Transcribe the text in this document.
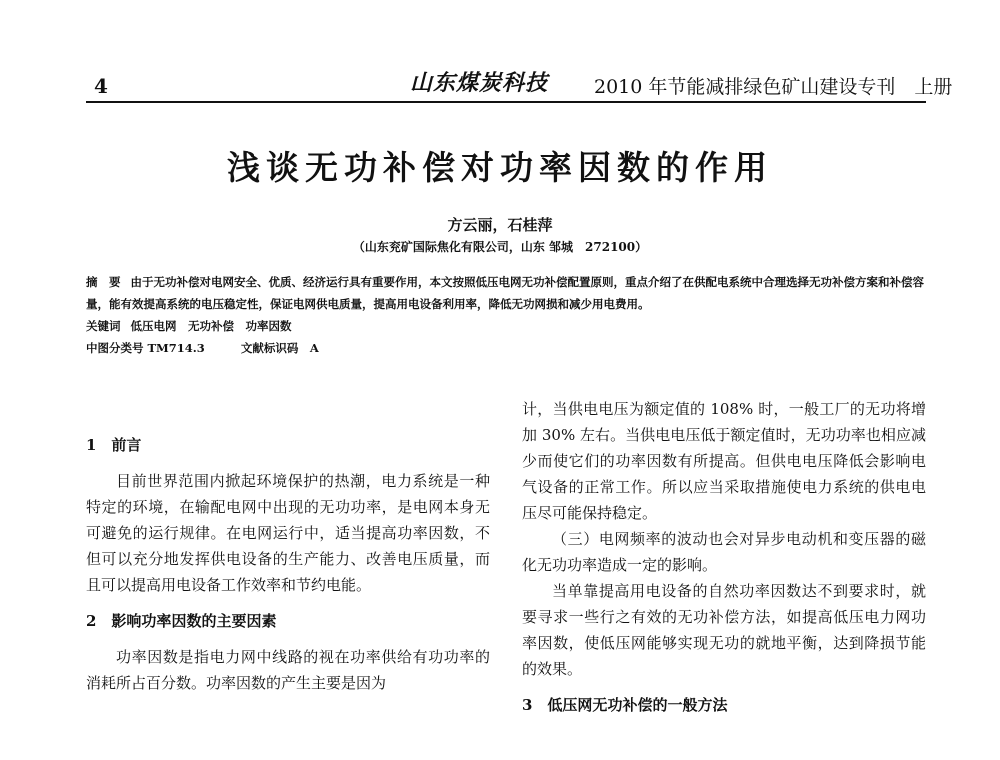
4	山东煤炭科技 2010 年节能减排绿色矿山建设专刊　上册
浅谈无功补偿对功率因数的作用
方云丽，石桂萍
（山东兖矿国际焦化有限公司，山东 邹城　272100）
摘　要 由于无功补偿对电网安全、优质、经济运行具有重要作用，本文按照低压电网无功补偿配置原则，重点介绍了在供配电系统中合理选择无功补偿方案和补偿容量，能有效提高系统的电压稳定性，保证电网供电质量，提高用电设备利用率，降低无功网损和减少用电费用。
关键词 低压电网　无功补偿　功率因数
中图分类号 TM714.3	文献标识码　A

1　前言

目前世界范围内掀起环境保护的热潮，电力系统是一种特定的环境，在输配电网中出现的无功功率，是电网本身无可避免的运行规律。在电网运行中，适当提高功率因数，不但可以充分地发挥供电设备的生产能力、改善电压质量，而且可以提高用电设备工作效率和节约电能。

2　影响功率因数的主要因素

功率因数是指电力网中线路的视在功率供给有功功率的消耗所占百分数。功率因数的产生主要是因为

计，当供电电压为额定值的 108% 时，一般工厂的无功将增加 30% 左右。当供电电压低于额定值时，无功功率也相应减少而使它们的功率因数有所提高。但供电电压降低会影响电气设备的正常工作。所以应当采取措施使电力系统的供电电压尽可能保持稳定。

（三）电网频率的波动也会对异步电动机和变压器的磁化无功功率造成一定的影响。

当单靠提高用电设备的自然功率因数达不到要求时，就要寻求一些行之有效的无功补偿方法，如提高低压电力网功率因数，使低压网能够实现无功的就地平衡，达到降损节能的效果。

3　低压网无功补偿的一般方法
